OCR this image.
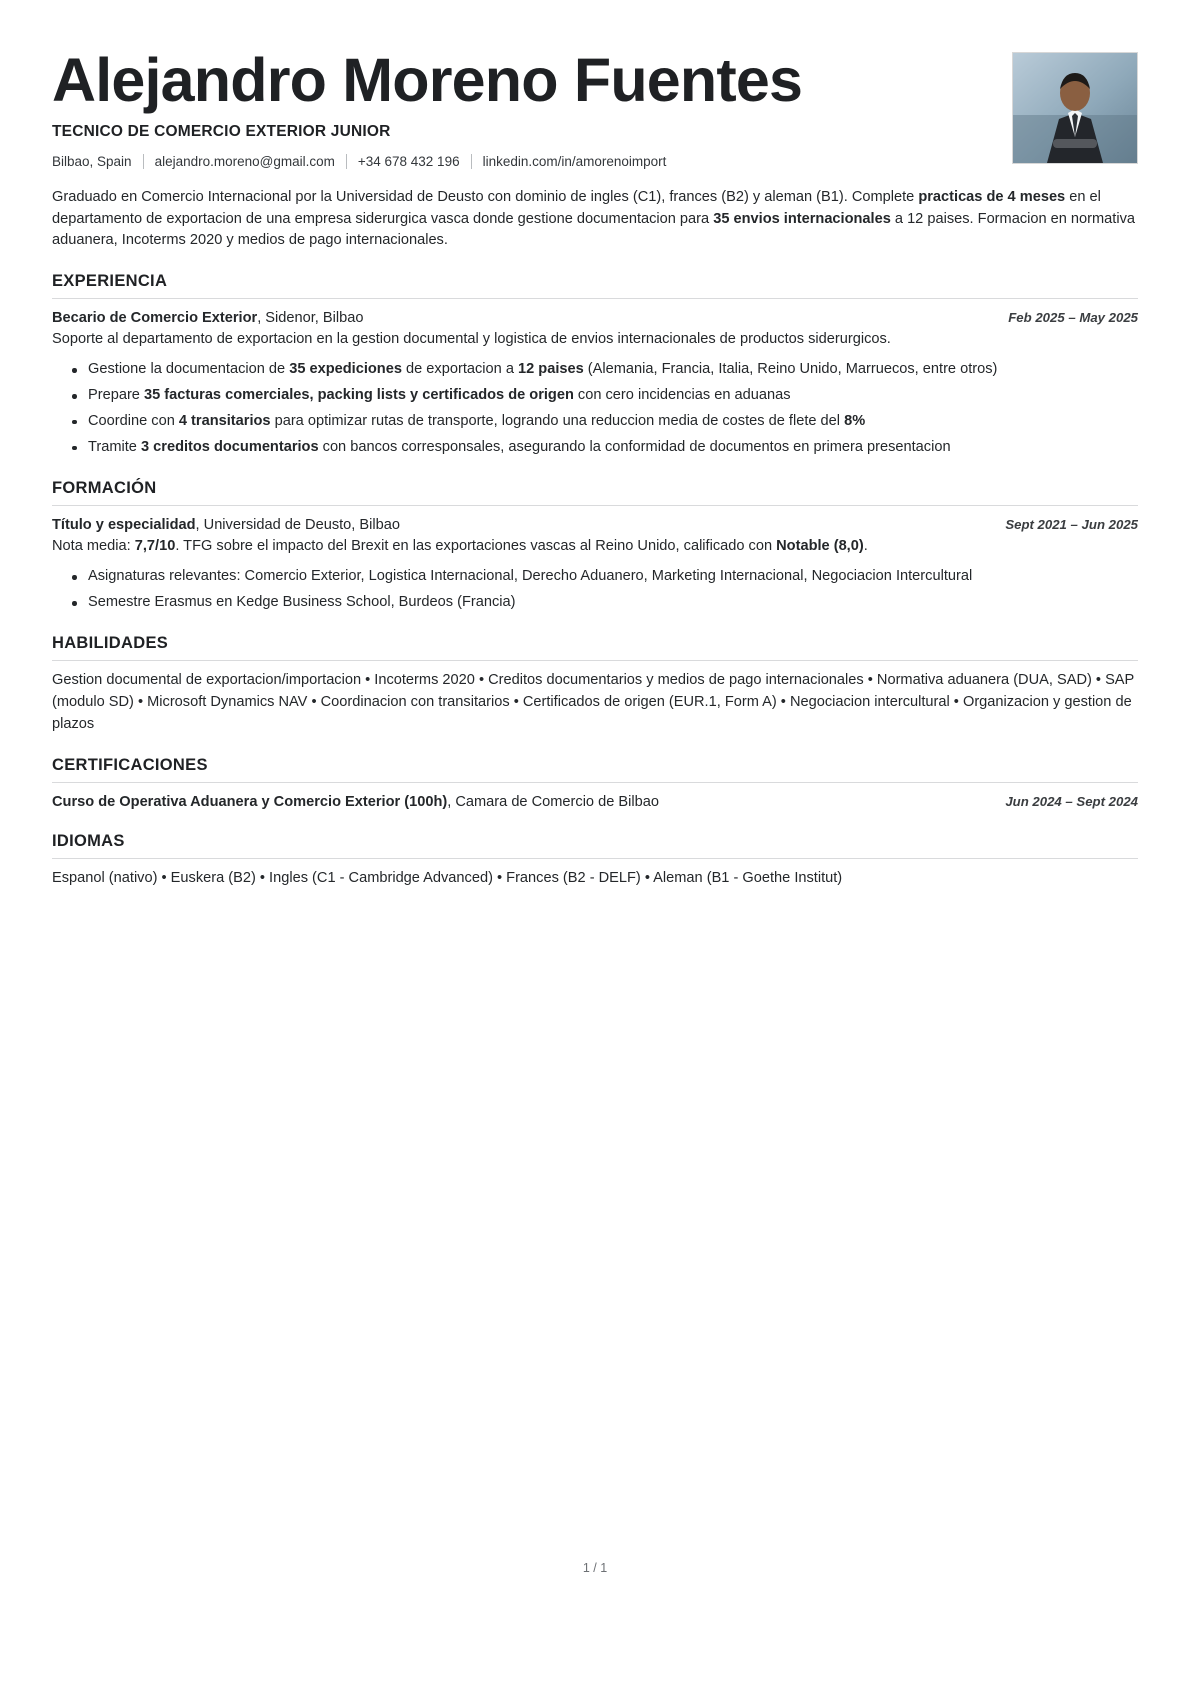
Alejandro Moreno Fuentes
TECNICO DE COMERCIO EXTERIOR JUNIOR
Bilbao, Spain alejandro.moreno@gmail.com +34 678 432 196 linkedin.com/in/amorenoimport
Graduado en Comercio Internacional por la Universidad de Deusto con dominio de ingles (C1), frances (B2) y aleman (B1). Complete practicas de 4 meses en el departamento de exportacion de una empresa siderurgica vasca donde gestione documentacion para 35 envios internacionales a 12 paises. Formacion en normativa aduanera, Incoterms 2020 y medios de pago internacionales.
EXPERIENCIA
Becario de Comercio Exterior, Sidenor, Bilbao	Feb 2025 – May 2025
Soporte al departamento de exportacion en la gestion documental y logistica de envios internacionales de productos siderurgicos.
Gestione la documentacion de 35 expediciones de exportacion a 12 paises (Alemania, Francia, Italia, Reino Unido, Marruecos, entre otros)
Prepare 35 facturas comerciales, packing lists y certificados de origen con cero incidencias en aduanas
Coordine con 4 transitarios para optimizar rutas de transporte, logrando una reduccion media de costes de flete del 8%
Tramite 3 creditos documentarios con bancos corresponsales, asegurando la conformidad de documentos en primera presentacion
FORMACIÓN
Título y especialidad, Universidad de Deusto, Bilbao	Sept 2021 – Jun 2025
Nota media: 7,7/10. TFG sobre el impacto del Brexit en las exportaciones vascas al Reino Unido, calificado con Notable (8,0).
Asignaturas relevantes: Comercio Exterior, Logistica Internacional, Derecho Aduanero, Marketing Internacional, Negociacion Intercultural
Semestre Erasmus en Kedge Business School, Burdeos (Francia)
HABILIDADES
Gestion documental de exportacion/importacion • Incoterms 2020 • Creditos documentarios y medios de pago internacionales • Normativa aduanera (DUA, SAD) • SAP (modulo SD) • Microsoft Dynamics NAV • Coordinacion con transitarios • Certificados de origen (EUR.1, Form A) • Negociacion intercultural • Organizacion y gestion de plazos
CERTIFICACIONES
Curso de Operativa Aduanera y Comercio Exterior (100h), Camara de Comercio de Bilbao	Jun 2024 – Sept 2024
IDIOMAS
Espanol (nativo) • Euskera (B2) • Ingles (C1 - Cambridge Advanced) • Frances (B2 - DELF) • Aleman (B1 - Goethe Institut)
1 / 1
